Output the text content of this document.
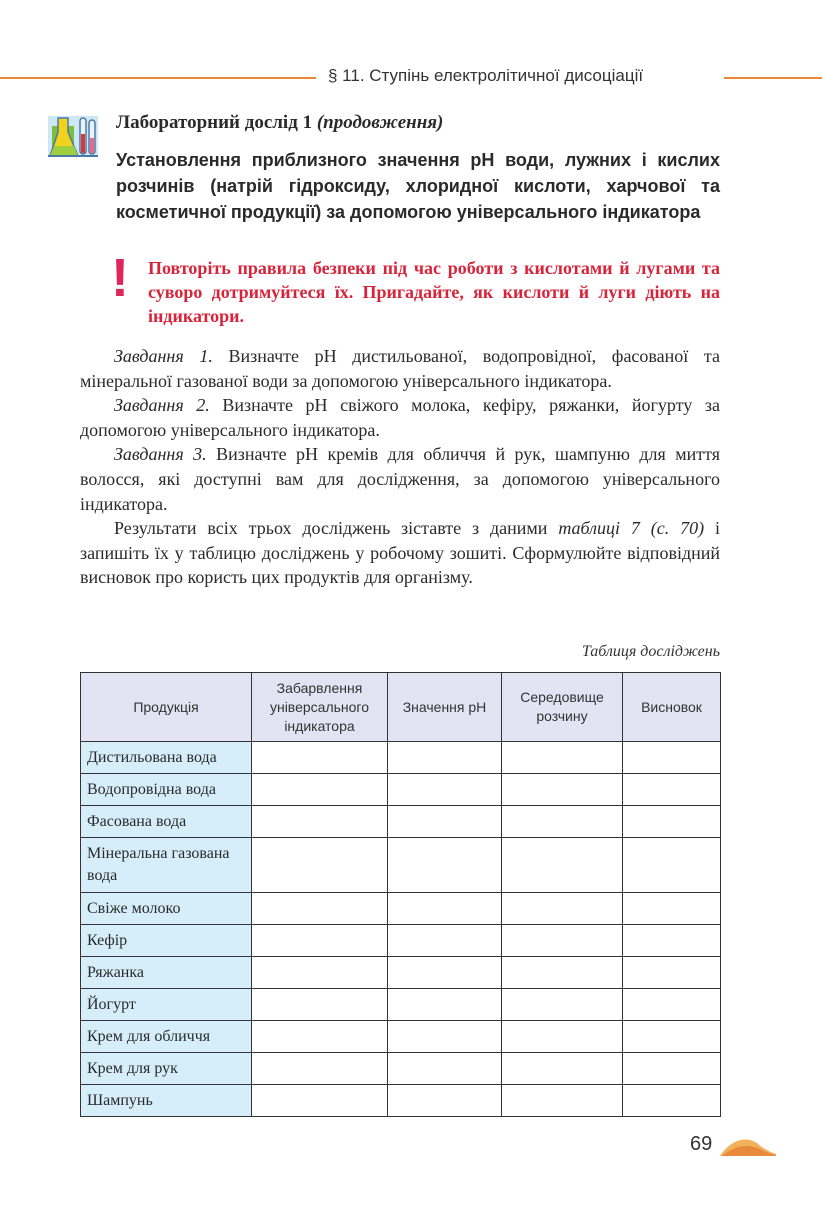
§ 11. Ступінь електролітичної дисоціації
Лабораторний дослід 1 (продовження)
Установлення приблизного значення pH води, лужних і кислих розчинів (натрій гідроксиду, хлоридної кислоти, харчової та косметичної продукції) за допомогою універсального індикатора
! Повторіть правила безпеки під час роботи з кислотами й лугами та суворо дотримуйтеся їх. Пригадайте, як кислоти й луги діють на індикатори.

Завдання 1. Визначте pH дистильованої, водопровідної, фасованої та мінеральної газованої води за допомогою універсального індикатора.

Завдання 2. Визначте pH свіжого молока, кефіру, ряжанки, йогурту за допомогою універсального індикатора.

Завдання 3. Визначте pH кремів для обличчя й рук, шампуню для миття волосся, які доступні вам для дослідження, за допомогою універсального індикатора.

Результати всіх трьох досліджень зіставте з даними таблиці 7 (с. 70) і запишіть їх у таблицю досліджень у робочому зошиті. Сформулюйте відповідний висновок про користь цих продуктів для організму.

Таблиця досліджень
Продукція	Забарвлення універсального індикатора	Значення pH	Середовище розчину	Висновок
Дистильована вода				
Водопровідна вода				
Фасована вода				
Мінеральна газована вода				
Свіже молоко				
Кефір				
Ряжанка				
Йогурт				
Крем для обличчя				
Крем для рук				
Шампунь				
69
